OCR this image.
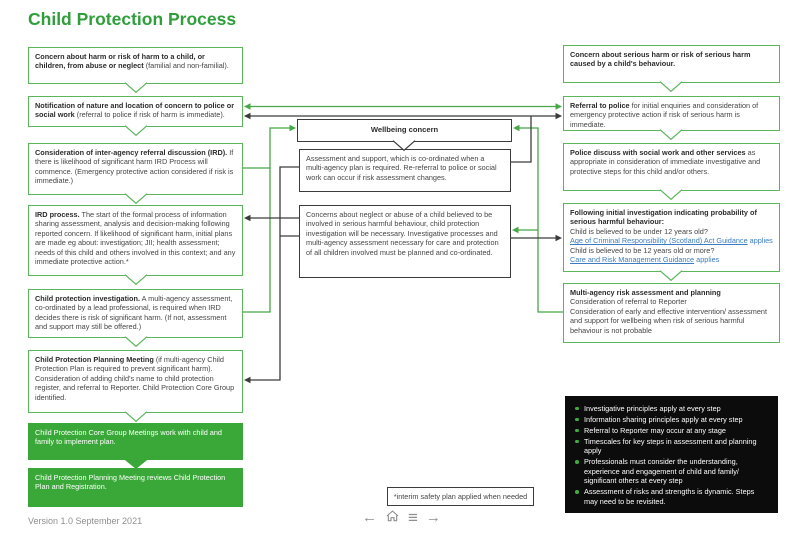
Child Protection Process
Concern about harm or risk of harm to a child, or children, from abuse or neglect (familial and non-familial).
Notification of nature and location of concern to police or social work (referral to police if risk of harm is immediate).
Consideration of inter-agency referral discussion (IRD). If there is likelihood of significant harm IRD Process will commence. (Emergency protective action considered if risk is immediate.)
IRD process. The start of the formal process of information sharing assessment, analysis and decision-making following reported concern. If likelihood of significant harm, initial plans are made eg about: investigation; JII; health assessment; needs of this child and others involved in this context; and any immediate protective action.*
Child protection investigation. A multi-agency assessment, co-ordinated by a lead professional, is required when IRD decides there is risk of significant harm. (If not, assessment and support may still be offered.)
Child Protection Planning Meeting (if multi-agency Child Protection Plan is required to prevent significant harm). Consideration of adding child's name to child protection register, and referral to Reporter. Child Protection Core Group identified.
Child Protection Core Group Meetings work with child and family to implement plan.
Child Protection Planning Meeting reviews Child Protection Plan and Registration.
Wellbeing concern
Assessment and support, which is co-ordinated when a multi-agency plan is required. Re-referral to police or social work can occur if risk assessment changes.
Concerns about neglect or abuse of a child believed to be involved in serious harmful behaviour, child protection investigation will be necessary. Investigative processes and multi-agency assessment necessary for care and protection of all children involved must be planned and co-ordinated.
*interim safety plan applied when needed
Concern about serious harm or risk of serious harm caused by a child's behaviour.
Referral to police for initial enquiries and consideration of emergency protective action if risk of serious harm is immediate.
Police discuss with social work and other services as appropriate in consideration of immediate investigative and protective steps for this child and/or others.
Following initial investigation indicating probability of serious harmful behaviour:
Child is believed to be under 12 years old?
Age of Criminal Responsibility (Scotland) Act Guidance applies
Child is believed to be 12 years old or more?
Care and Risk Management Guidance applies
Multi-agency risk assessment and planning
Consideration of referral to Reporter
Consideration of early and effective intervention/ assessment and support for wellbeing when risk of serious harmful behaviour is not probable
Investigative principles apply at every step
Information sharing principles apply at every step
Referral to Reporter may occur at any stage
Timescales for key steps in assessment and planning apply
Professionals must consider the understanding, experience and engagement of child and family/ significant others at every step
Assessment of risks and strengths is dynamic. Steps may need to be revisited.
Version 1.0 September 2021	← ≡ →
